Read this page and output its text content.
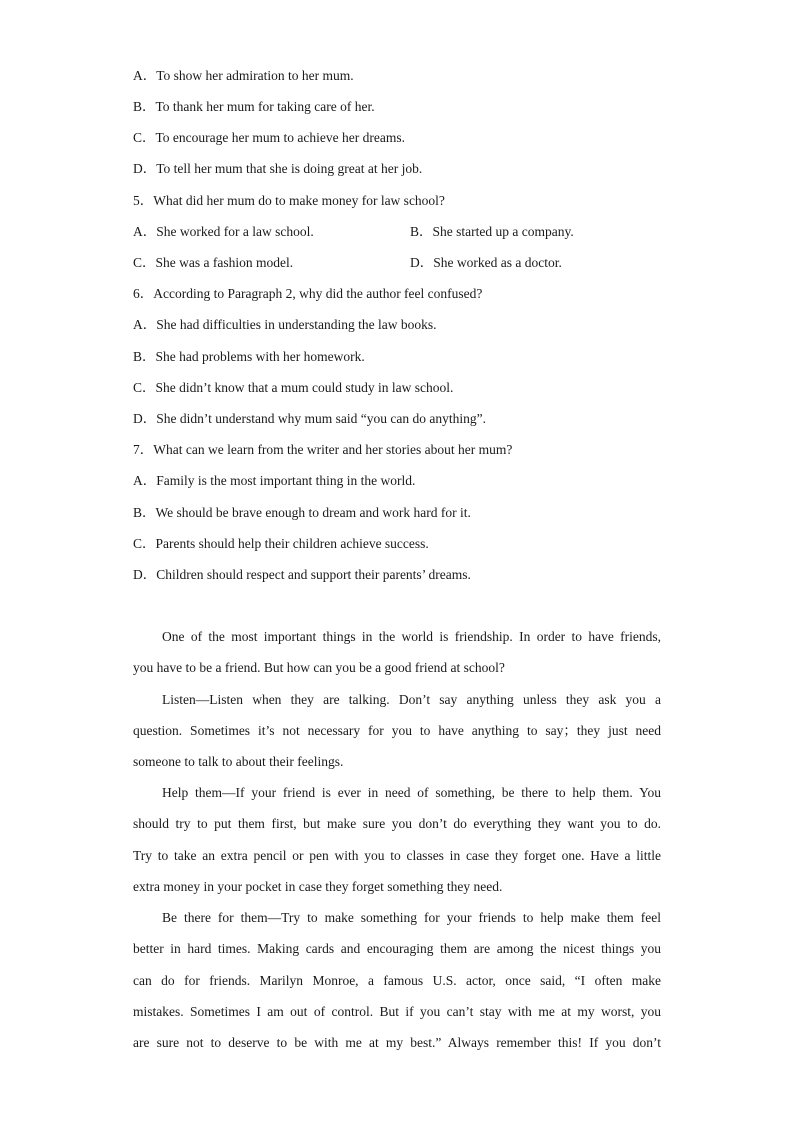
A．To show her admiration to her mum.
B．To thank her mum for taking care of her.
C．To encourage her mum to achieve her dreams.
D．To tell her mum that she is doing great at her job.
5．What did her mum do to make money for law school?
A．She worked for a law school.	B．She started up a company.
C．She was a fashion model.	D．She worked as a doctor.
6．According to Paragraph 2, why did the author feel confused?
A．She had difficulties in understanding the law books.
B．She had problems with her homework.
C．She didn’t know that a mum could study in law school.
D．She didn’t understand why mum said “you can do anything”.
7．What can we learn from the writer and her stories about her mum?
A．Family is the most important thing in the world.
B．We should be brave enough to dream and work hard for it.
C．Parents should help their children achieve success.
D．Children should respect and support their parents’ dreams.
One of the most important things in the world is friendship. In order to have friends,
you have to be a friend. But how can you be a good friend at school?
Listen—Listen when they are talking. Don’t say anything unless they ask you a
question. Sometimes it’s not necessary for you to have anything to say；they just need
someone to talk to about their feelings.
Help them—If your friend is ever in need of something, be there to help them. You
should try to put them first, but make sure you don’t do everything they want you to do.
Try to take an extra pencil or pen with you to classes in case they forget one. Have a little
extra money in your pocket in case they forget something they need.
Be there for them—Try to make something for your friends to help make them feel
better in hard times. Making cards and encouraging them are among the nicest things you
can do for friends. Marilyn Monroe, a famous U.S. actor, once said, “I often make
mistakes. Sometimes I am out of control. But if you can’t stay with me at my worst, you
are sure not to deserve to be with me at my best.” Always remember this! If you don’t
